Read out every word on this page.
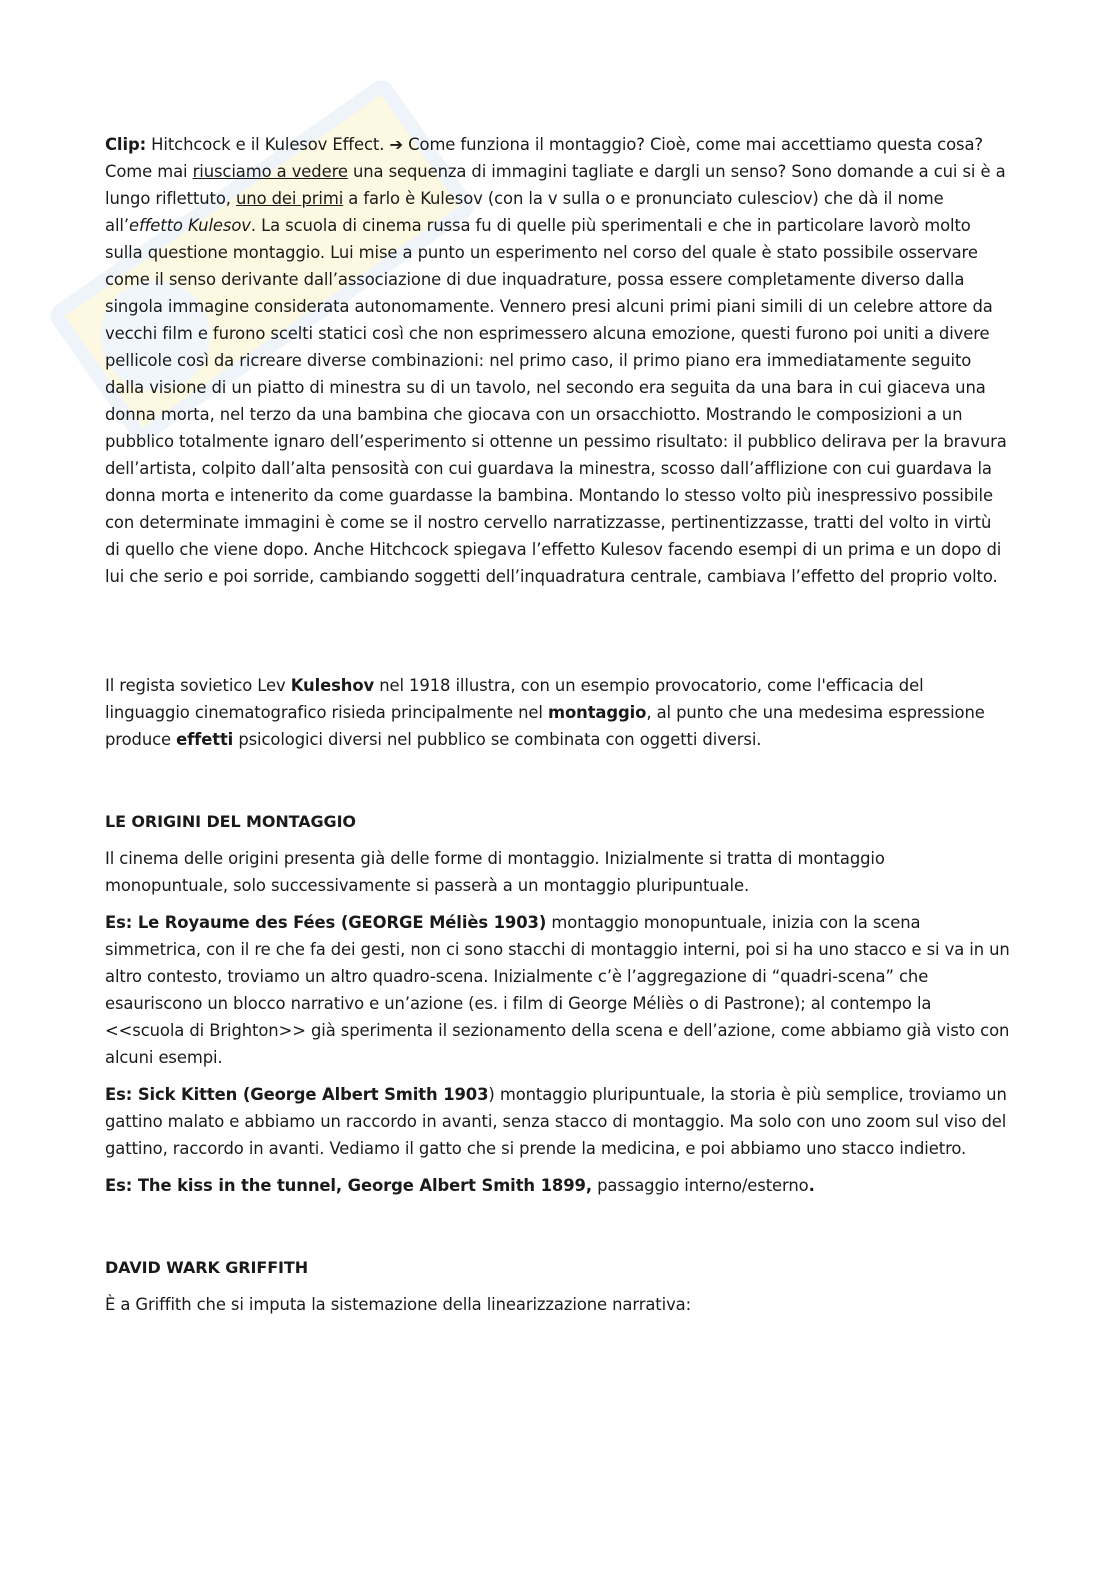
Clip: Hitchcock e il Kulesov Effect. ➔ Come funziona il montaggio? Cioè, come mai accettiamo questa cosa? Come mai riusciamo a vedere una sequenza di immagini tagliate e dargli un senso? Sono domande a cui si è a lungo riflettuto, uno dei primi a farlo è Kulesov (con la v sulla o e pronunciato culesciov) che dà il nome all’effetto Kulesov. La scuola di cinema russa fu di quelle più sperimentali e che in particolare lavorò molto sulla questione montaggio. Lui mise a punto un esperimento nel corso del quale è stato possibile osservare come il senso derivante dall’associazione di due inquadrature, possa essere completamente diverso dalla singola immagine considerata autonomamente. Vennero presi alcuni primi piani simili di un celebre attore da vecchi film e furono scelti statici così che non esprimessero alcuna emozione, questi furono poi uniti a divere pellicole così da ricreare diverse combinazioni: nel primo caso, il primo piano era immediatamente seguito dalla visione di un piatto di minestra su di un tavolo, nel secondo era seguita da una bara in cui giaceva una donna morta, nel terzo da una bambina che giocava con un orsacchiotto. Mostrando le composizioni a un pubblico totalmente ignaro dell’esperimento si ottenne un pessimo risultato: il pubblico delirava per la bravura dell’artista, colpito dall’alta pensosità con cui guardava la minestra, scosso dall’afflizione con cui guardava la donna morta e intenerito da come guardasse la bambina. Montando lo stesso volto più inespressivo possibile con determinate immagini è come se il nostro cervello narratizzasse, pertinentizzasse, tratti del volto in virtù di quello che viene dopo. Anche Hitchcock spiegava l’effetto Kulesov facendo esempi di un prima e un dopo di lui che serio e poi sorride, cambiando soggetti dell’inquadratura centrale, cambiava l’effetto del proprio volto.

Il regista sovietico Lev Kuleshov nel 1918 illustra, con un esempio provocatorio, come l'efficacia del linguaggio cinematografico risieda principalmente nel montaggio, al punto che una medesima espressione produce effetti psicologici diversi nel pubblico se combinata con oggetti diversi.

LE ORIGINI DEL MONTAGGIO

Il cinema delle origini presenta già delle forme di montaggio. Inizialmente si tratta di montaggio monopuntuale, solo successivamente si passerà a un montaggio pluripuntuale.

Es: Le Royaume des Fées (GEORGE Méliès 1903) montaggio monopuntuale, inizia con la scena simmetrica, con il re che fa dei gesti, non ci sono stacchi di montaggio interni, poi si ha uno stacco e si va in un altro contesto, troviamo un altro quadro-scena. Inizialmente c’è l’aggregazione di “quadri-scena” che esauriscono un blocco narrativo e un’azione (es. i film di George Méliès o di Pastrone); al contempo la <<scuola di Brighton>> già sperimenta il sezionamento della scena e dell’azione, come abbiamo già visto con alcuni esempi.

Es: Sick Kitten (George Albert Smith 1903) montaggio pluripuntuale, la storia è più semplice, troviamo un gattino malato e abbiamo un raccordo in avanti, senza stacco di montaggio. Ma solo con uno zoom sul viso del gattino, raccordo in avanti. Vediamo il gatto che si prende la medicina, e poi abbiamo uno stacco indietro.

Es: The kiss in the tunnel, George Albert Smith 1899, passaggio interno/esterno.

DAVID WARK GRIFFITH

È a Griffith che si imputa la sistemazione della linearizzazione narrativa:
